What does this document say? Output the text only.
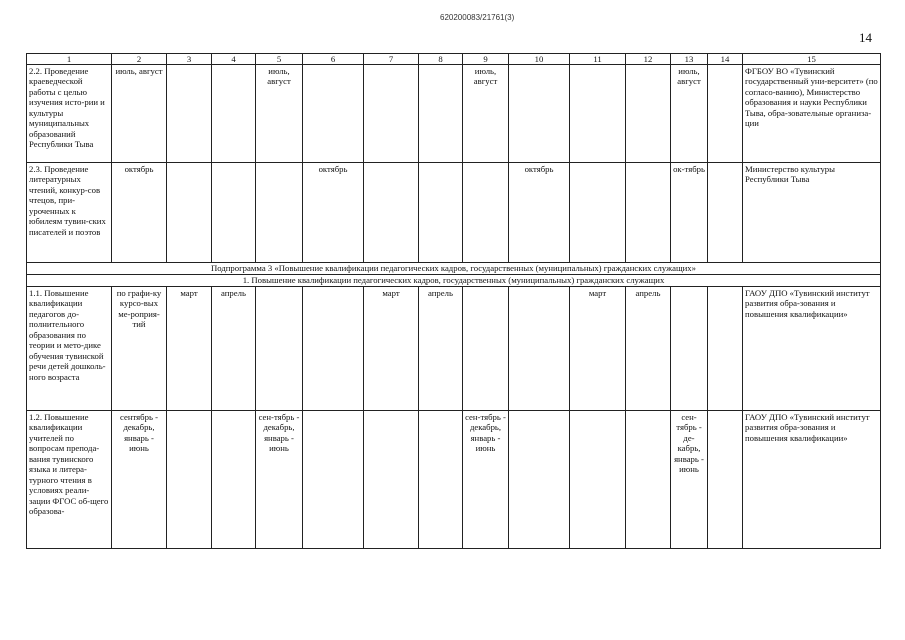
620200083/21761(3)
14
1	2	3	4	5	6	7	8	9	10	11	12	13	14	15
2.2. Проведение краеведческой работы с целью изучения исто-рии и культуры муниципальных образований Республики Тыва	июль, август			июль, август				июль, август				июль, август		ФГБОУ ВО «Тувинский государственный уни-верситет» (по согласо-ванию), Министерство образования и науки Республики Тыва, обра-зовательные организа-ции
2.3. Проведение литературных чтений, конкур-сов чтецов, при-уроченных к юбилеям тувин-ских писателей и поэтов	октябрь				октябрь				октябрь			ок-тябрь		Министерство культуры Республики Тыва
Подпрограмма 3 «Повышение квалификации педагогических кадров, государственных (муниципальных) гражданских служащих»														
1. Повышение квалификации педагогических кадров, государственных (муниципальных) гражданских служащих														
1.1. Повышение квалификации педагогов до-полнительного образования по теории и мето-дике обучения тувинской речи детей дошколь-ного возраста	по графи-ку курсо-вых ме-роприя-тий	март	апрель			март	апрель			март	апрель			ГАОУ ДПО «Тувинский институт развития обра-зования и повышения квалификации»
1.2. Повышение квалификации учителей по вопросам препода-вания тувинского языка и литера-турного чтения в условиях реали-зации ФГОС об-щего образова-	сентябрь - декабрь, январь - июнь			сен-тябрь - декабрь, январь - июнь				сен-тябрь - декабрь, январь - июнь				сен-тябрь - де-кабрь, январь - июнь		ГАОУ ДПО «Тувинский институт развития обра-зования и повышения квалификации»
